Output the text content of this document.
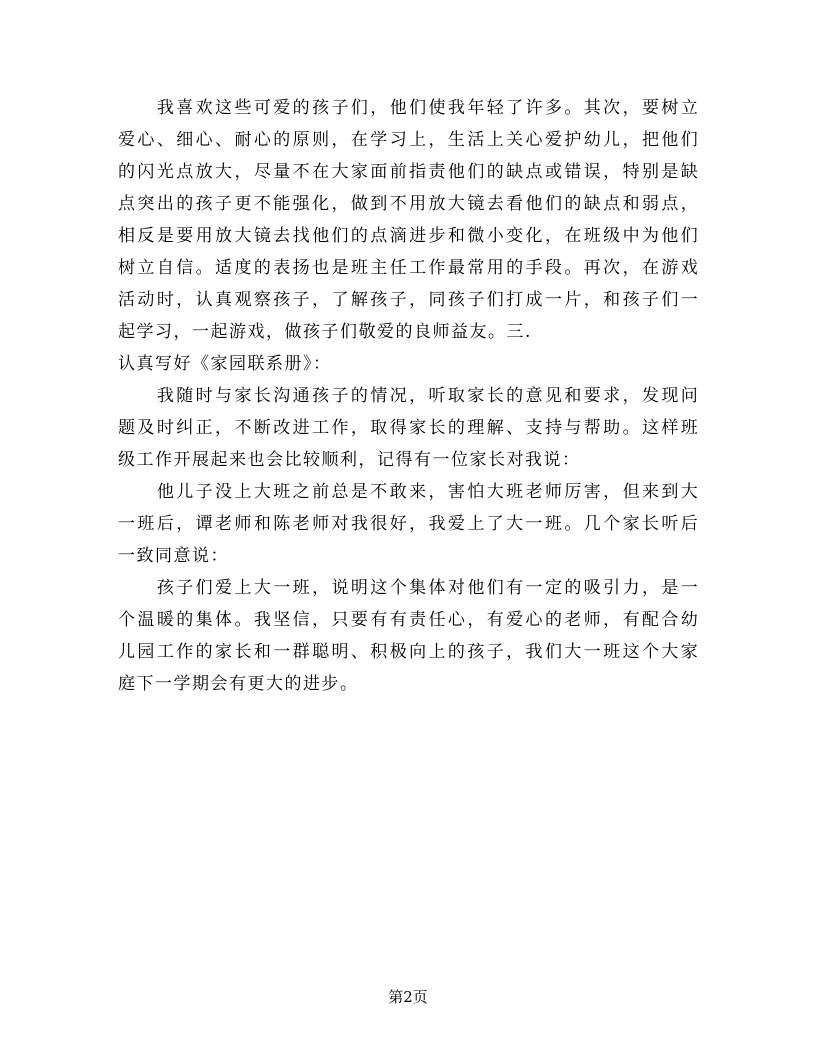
我 喜 欢 这 些 可 爱 的 孩 子 们 ， 他 们 使 我 年 轻 了 许 多 。 其 次 ， 要 树 立
爱 心 、 细 心 、 耐 心 的 原 则 ， 在 学 习 上 ， 生 活 上 关 心 爱 护 幼 儿 ， 把 他 们
的 闪 光 点 放 大 ， 尽 量 不 在 大 家 面 前 指 责 他 们 的 缺 点 或 错 误 ， 特 别 是 缺
点 突 出 的 孩 子 更 不 能 强 化 ， 做 到 不 用 放 大 镜 去 看 他 们 的 缺 点 和 弱 点 ，
相 反 是 要 用 放 大 镜 去 找 他 们 的 点 滴 进 步 和 微 小 变 化 ， 在 班 级 中 为 他 们
树 立 自 信 。 适 度 的 表 扬 也 是 班 主 任 工 作 最 常 用 的 手 段 。 再 次 ， 在 游 戏
活 动 时 ， 认 真 观 察 孩 子 ， 了 解 孩 子 ， 同 孩 子 们 打 成 一 片 ， 和 孩 子 们 一
起学习，一起游戏，做孩子们敬爱的良师益友。三.
认真写好《家园联系册》：

我 随 时 与 家 长 沟 通 孩 子 的 情 况 ， 听 取 家 长 的 意 见 和 要 求 ， 发 现 问
题 及 时 纠 正 ， 不 断 改 进 工 作 ， 取 得 家 长 的 理 解 、 支 持 与 帮 助 。 这 样 班
级工作开展起来也会比较顺利，记得有一位家长对我说：

他 儿 子 没 上 大 班 之 前 总 是 不 敢 来 ， 害 怕 大 班 老 师 厉 害 ， 但 来 到 大
一 班 后 ， 谭 老 师 和 陈 老 师 对 我 很 好 ， 我 爱 上 了 大 一 班 。 几 个 家 长 听 后
一致同意说：

孩 子 们 爱 上 大 一 班 ， 说 明 这 个 集 体 对 他 们 有 一 定 的 吸 引 力 ， 是 一
个 温 暖 的 集 体 。 我 坚 信 ， 只 要 有 有 责 任 心 ， 有 爱 心 的 老 师 ， 有 配 合 幼
儿 园 工 作 的 家 长 和 一 群 聪 明 、 积 极 向 上 的 孩 子 ， 我 们 大 一 班 这 个 大 家
庭下一学期会有更大的进步。
第2页
